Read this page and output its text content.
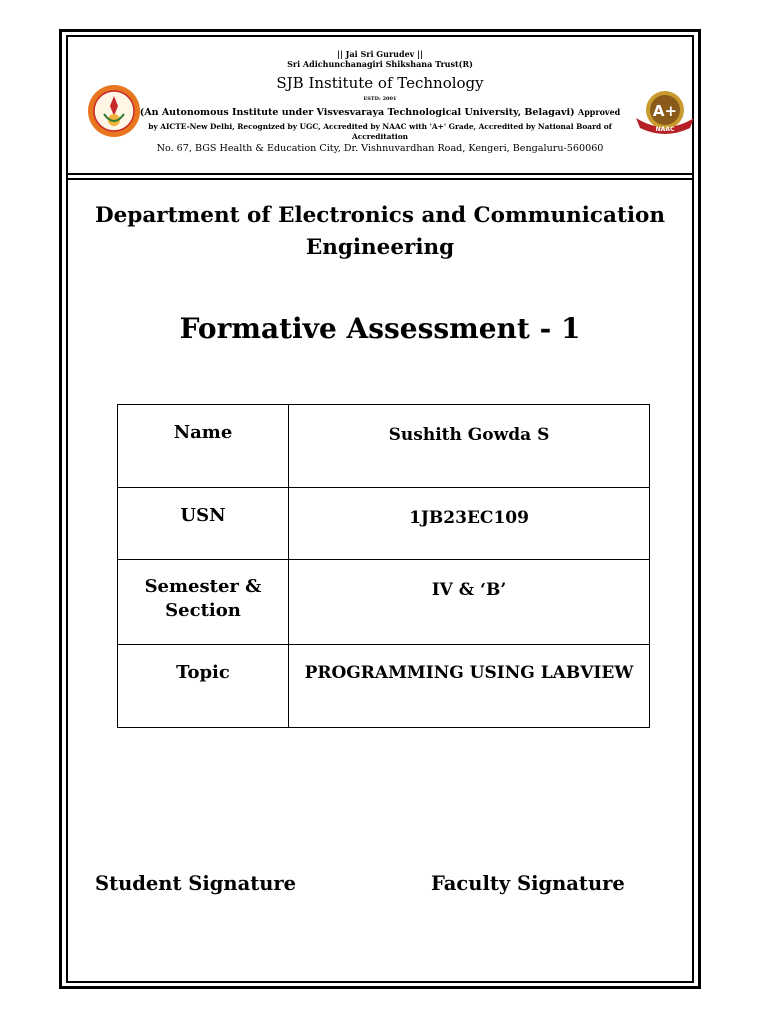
A+
NAAC
|| Jai Sri Gurudev ||
Sri Adichunchanagiri Shikshana Trust(R)
SJB Institute of Technology
ESTD: 2001
(An Autonomous Institute under Visvesvaraya Technological University, Belagavi) Approved
by AICTE-New Delhi, Recognized by UGC, Accredited by NAAC with 'A+' Grade, Accredited by National Board of
Accreditation
No. 67, BGS Health & Education City, Dr. Vishnuvardhan Road, Kengeri, Bengaluru-560060
Department of Electronics and Communication Engineering
Formative Assessment - 1
Name	Sushith Gowda S
USN	1JB23EC109
Semester & Section	IV & ‘B’
Topic	PROGRAMMING USING LABVIEW
Student Signature	Faculty Signature
